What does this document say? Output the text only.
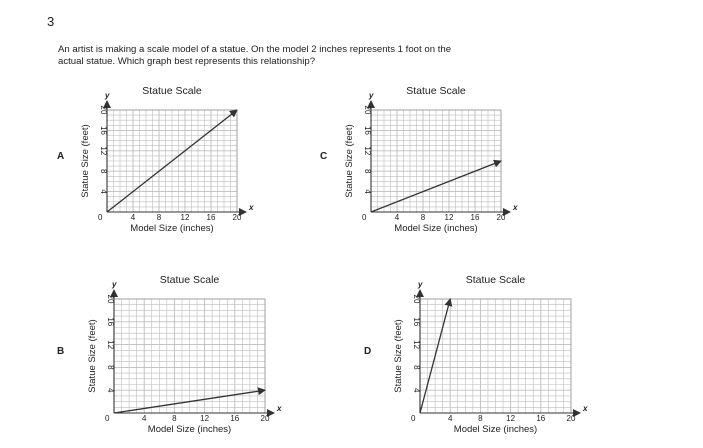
3
An artist is making a scale model of a statue. On the model 2 inches represents 1 foot on the
actual statue. Which graph best represents this relationship?
A	C
B	D
x
y
0	4	8 12 16 20
4
8
12
16
20
Statue Scale
Model Size (inches)
Statue Size (feet)
x
y
0	4	8 12 16 20
4
8
12
16
20
Statue Scale
Model Size (inches)
Statue Size (feet)
x
y
0	4	8	12	16	20
4
8
12
16
20
Statue Scale
Model Size (inches)
Statue Size (feet)
x
y
0	4	8	12	16	20
4
8
12
16
20
Statue Scale
Model Size (inches)
Statue Size (feet)
